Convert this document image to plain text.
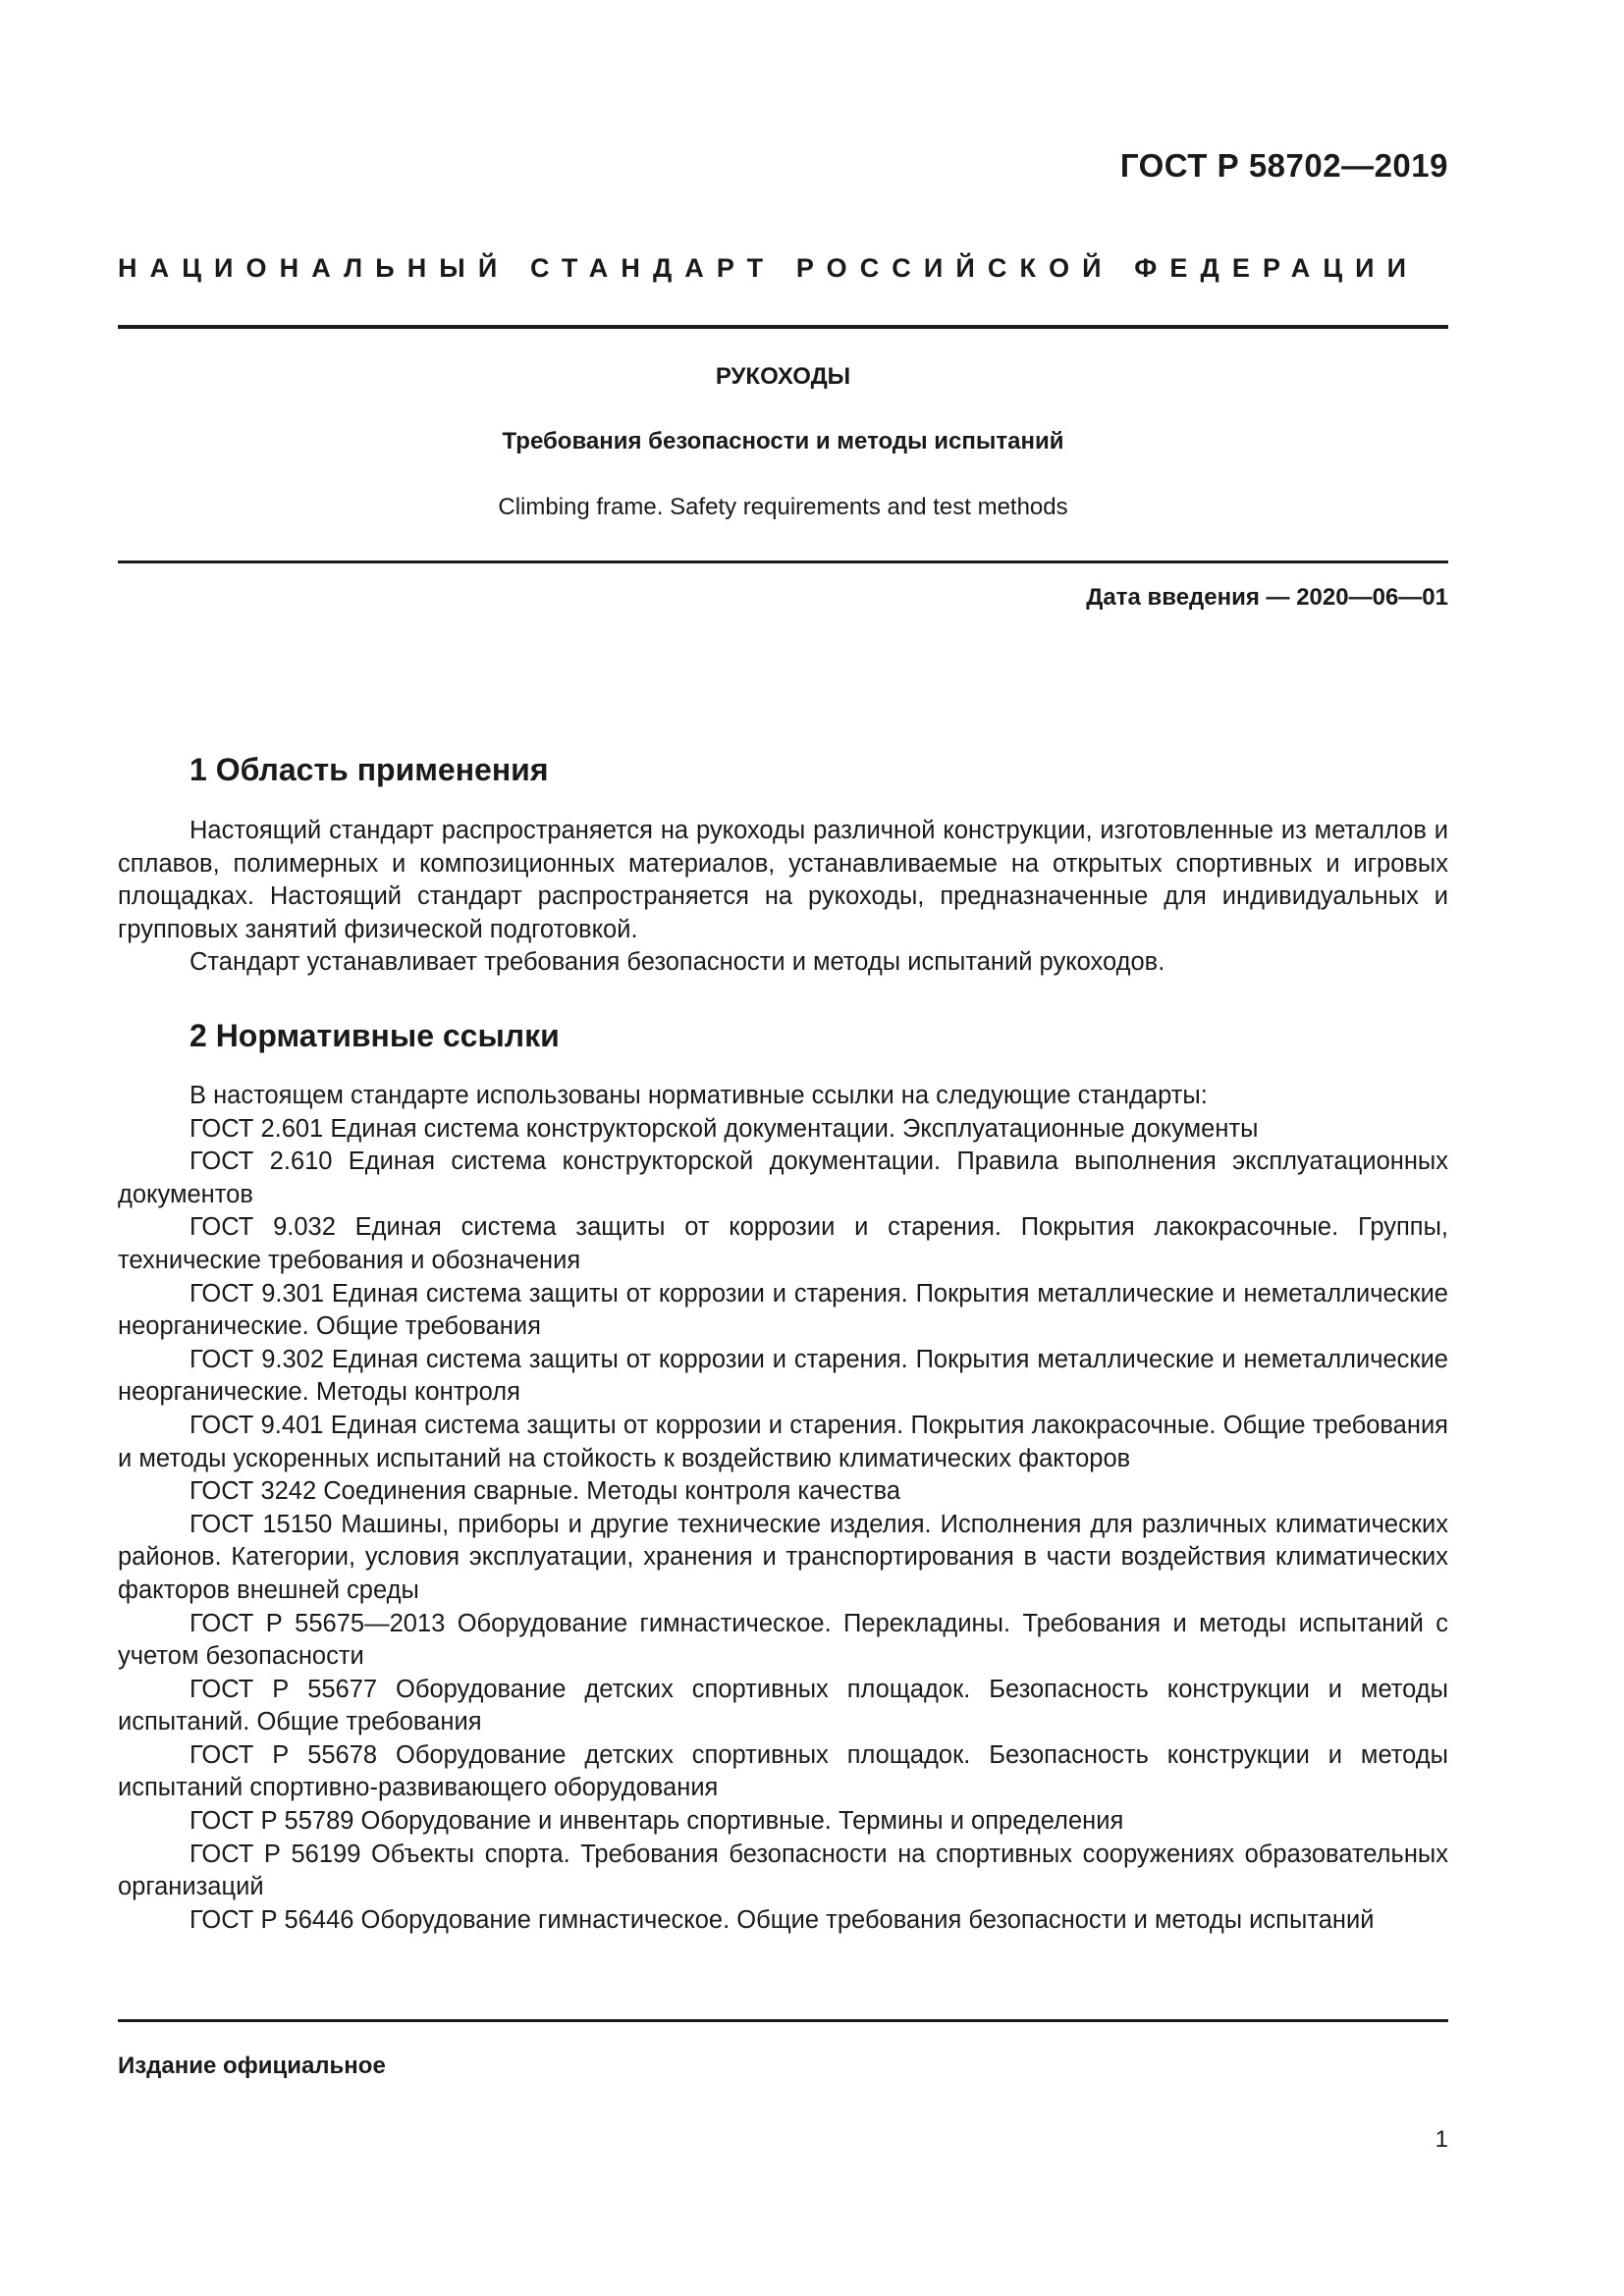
ГОСТ Р 58702—2019
НАЦИОНАЛЬНЫЙ СТАНДАРТ РОССИЙСКОЙ ФЕДЕРАЦИИ
РУКОХОДЫ
Требования безопасности и методы испытаний
Climbing frame. Safety requirements and test methods
Дата введения — 2020—06—01
1 Область применения

Настоящий стандарт распространяется на рукоходы различной конструкции, изготовленные из металлов и сплавов, полимерных и композиционных материалов, устанавливаемые на открытых спортивных и игровых площадках. Настоящий стандарт распространяется на рукоходы, предназначенные для индивидуальных и групповых занятий физической подготовкой.

Стандарт устанавливает требования безопасности и методы испытаний рукоходов.

2 Нормативные ссылки

В настоящем стандарте использованы нормативные ссылки на следующие стандарты:

ГОСТ 2.601 Единая система конструкторской документации. Эксплуатационные документы

ГОСТ 2.610 Единая система конструкторской документации. Правила выполнения эксплуатационных документов

ГОСТ 9.032 Единая система защиты от коррозии и старения. Покрытия лакокрасочные. Группы, технические требования и обозначения

ГОСТ 9.301 Единая система защиты от коррозии и старения. Покрытия металлические и неметаллические неорганические. Общие требования

ГОСТ 9.302 Единая система защиты от коррозии и старения. Покрытия металлические и неметаллические неорганические. Методы контроля

ГОСТ 9.401 Единая система защиты от коррозии и старения. Покрытия лакокрасочные. Общие требования и методы ускоренных испытаний на стойкость к воздействию климатических факторов

ГОСТ 3242 Соединения сварные. Методы контроля качества

ГОСТ 15150 Машины, приборы и другие технические изделия. Исполнения для различных климатических районов. Категории, условия эксплуатации, хранения и транспортирования в части воздействия климатических факторов внешней среды

ГОСТ Р 55675—2013 Оборудование гимнастическое. Перекладины. Требования и методы испытаний с учетом безопасности

ГОСТ Р 55677 Оборудование детских спортивных площадок. Безопасность конструкции и методы испытаний. Общие требования

ГОСТ Р 55678 Оборудование детских спортивных площадок. Безопасность конструкции и методы испытаний спортивно-развивающего оборудования

ГОСТ Р 55789 Оборудование и инвентарь спортивные. Термины и определения

ГОСТ Р 56199 Объекты спорта. Требования безопасности на спортивных сооружениях образовательных организаций

ГОСТ Р 56446 Оборудование гимнастическое. Общие требования безопасности и методы испытаний

Издание официальное
1
